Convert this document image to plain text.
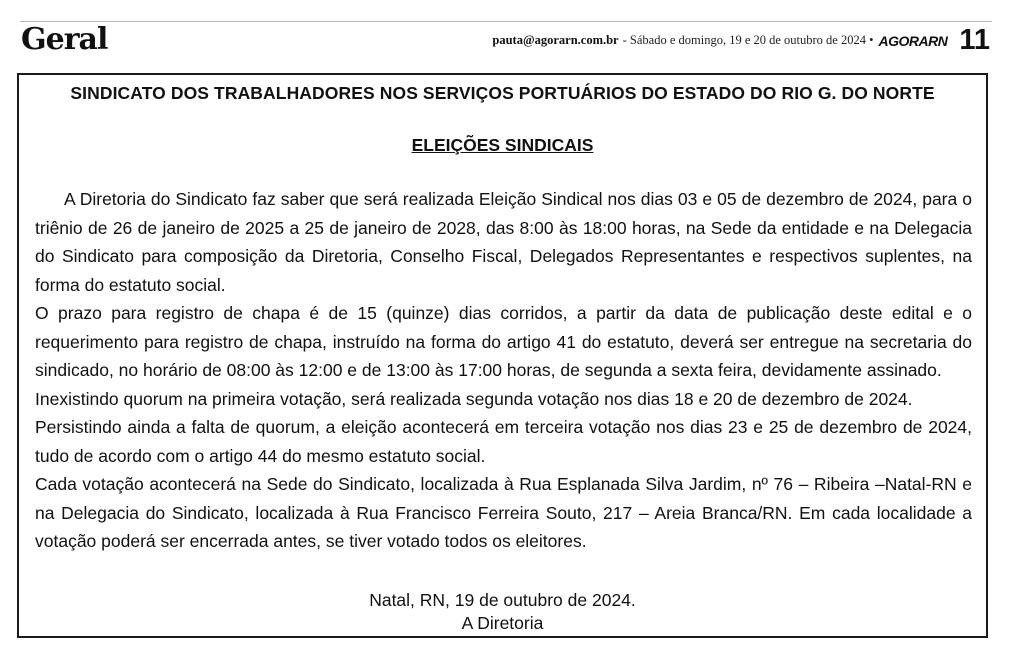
Geral	pauta@agorarn.com.br - Sábado e domingo, 19 e 20 de outubro de 2024 • AGORARN 11
SINDICATO DOS TRABALHADORES NOS SERVIÇOS PORTUÁRIOS DO ESTADO DO RIO G. DO NORTE
ELEIÇÕES SINDICAIS

A Diretoria do Sindicato faz saber que será realizada Eleição Sindical nos dias 03 e 05 de dezembro de 2024, para o triênio de 26 de janeiro de 2025 a 25 de janeiro de 2028, das 8:00 às 18:00 horas, na Sede da entidade e na Delegacia do Sindicato para composição da Diretoria, Conselho Fiscal, Delegados Representantes e respectivos suplentes, na forma do estatuto social.

O prazo para registro de chapa é de 15 (quinze) dias corridos, a partir da data de publicação deste edital e o requerimento para registro de chapa, instruído na forma do artigo 41 do estatuto, deverá ser entregue na secretaria do sindicado, no horário de 08:00 às 12:00 e de 13:00 às 17:00 horas, de segunda a sexta feira, devidamente assinado.

Inexistindo quorum na primeira votação, será realizada segunda votação nos dias 18 e 20 de dezembro de 2024.

Persistindo ainda a falta de quorum, a eleição acontecerá em terceira votação nos dias 23 e 25 de dezembro de 2024, tudo de acordo com o artigo 44 do mesmo estatuto social.

Cada votação acontecerá na Sede do Sindicato, localizada à Rua Esplanada Silva Jardim, nº 76 – Ribeira –Natal-RN e na Delegacia do Sindicato, localizada à Rua Francisco Ferreira Souto, 217 – Areia Branca/RN. Em cada localidade a votação poderá ser encerrada antes, se tiver votado todos os eleitores.

Natal, RN, 19 de outubro de 2024.
A Diretoria
